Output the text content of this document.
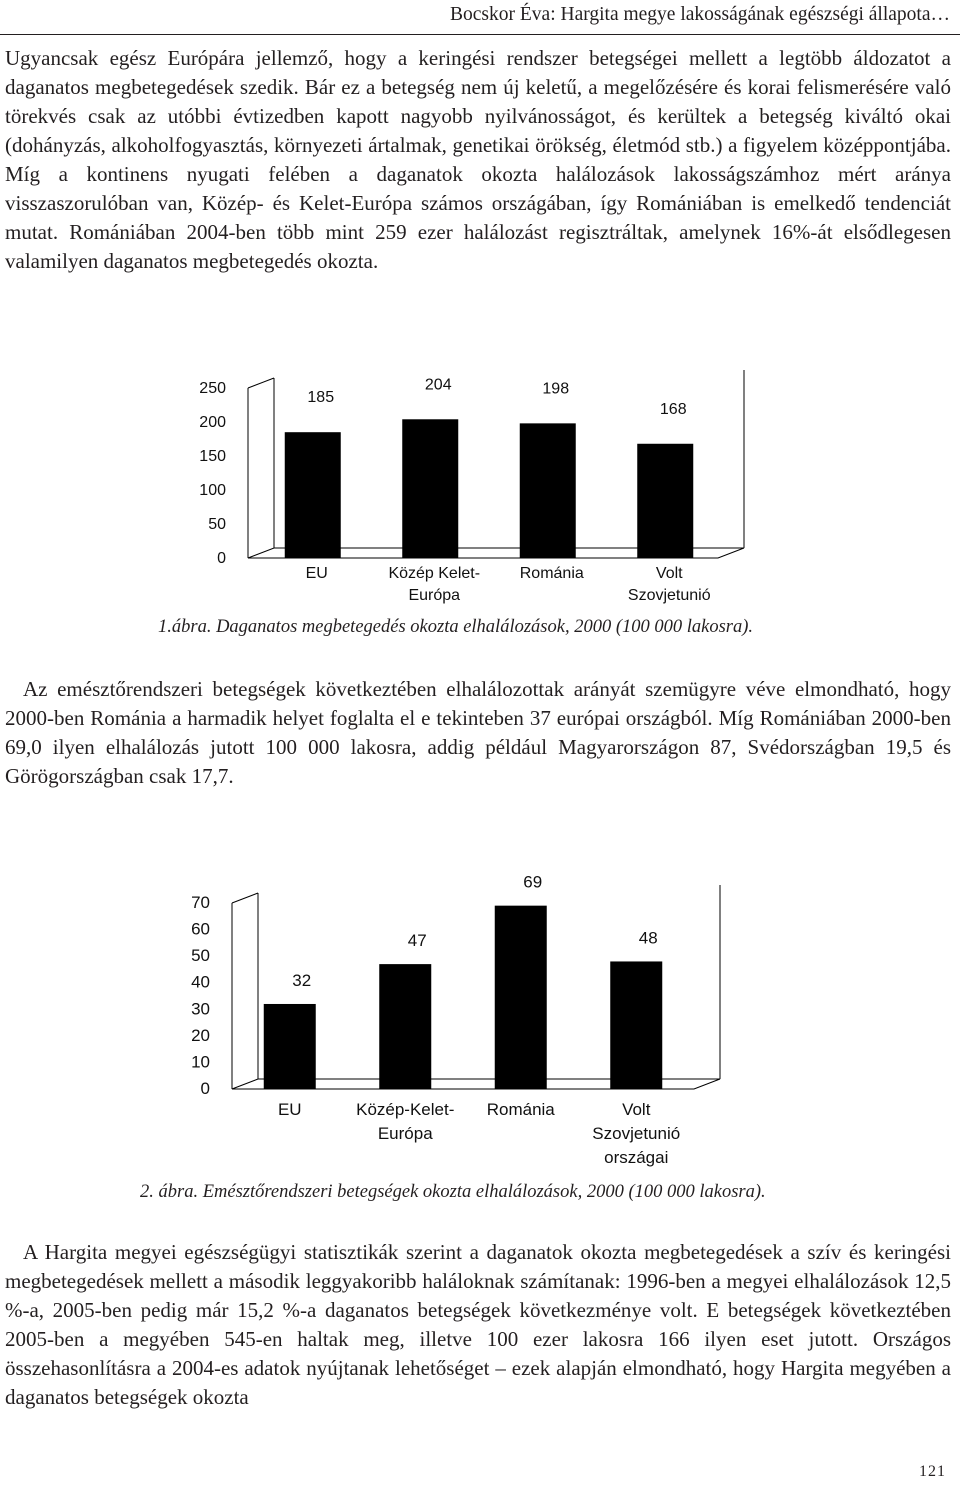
Bocskor Éva: Hargita megye lakosságának egészségi állapota…

Ugyancsak egész Európára jellemző, hogy a keringési rendszer betegségei mellett a legtöbb áldozatot a daganatos megbetegedések szedik. Bár ez a betegség nem új keletű, a megelőzésére és korai felismerésére való törekvés csak az utóbbi évtizedben kapott nagyobb nyilvánosságot, és kerültek a betegség kiváltó okai (dohányzás, alkoholfogyasztás, környezeti ártalmak, genetikai örökség, életmód stb.) a figyelem középpontjába. Míg a kontinens nyugati felében a daganatok okozta halálozások lakosságszámhoz mért aránya visszaszorulóban van, Közép- és Kelet-Európa számos országában, így Romániában is emelkedő tendenciát mutat. Romániában 2004-ben több mint 259 ezer halálozást regisztráltak, amelynek 16%-át elsődlegesen valamilyen daganatos megbetegedés okozta.

0
50
100
150
200
250
185
EU
204
Közép Kelet-
Európa
198
Románia
168
Volt
Szovjetunió
1.ábra. Daganatos megbetegedés okozta elhalálozások, 2000 (100 000 lakosra).

Az emésztőrendszeri betegségek következtében elhalálozottak arányát szemügyre véve elmondható, hogy 2000-ben Románia a harmadik helyet foglalta el e tekinteben 37 európai országból. Míg Romániában 2000-ben 69,0 ilyen elhalálozás jutott 100 000 lakosra, addig például Magyarországon 87, Svédországban 19,5 és Görögországban csak 17,7.

0
10
20
30
40
50
60
70
32
EU
47
Közép-Kelet-
Európa
69
Románia
48
Volt
Szovjetunió
országai
2. ábra. Emésztőrendszeri betegségek okozta elhalálozások, 2000 (100 000 lakosra).

A Hargita megyei egészségügyi statisztikák szerint a daganatok okozta megbetegedések a szív és keringési megbetegedések mellett a második leggyakoribb haláloknak számítanak: 1996-ben a megyei elhalálozások 12,5 %-a, 2005-ben pedig már 15,2 %-a daganatos betegségek következménye volt. E betegségek következtében 2005-ben a megyében 545-en haltak meg, illetve 100 ezer lakosra 166 ilyen eset jutott. Országos összehasonlításra a 2004-es adatok nyújtanak lehetőséget – ezek alapján elmondható, hogy Hargita megyében a daganatos betegségek okozta

121
